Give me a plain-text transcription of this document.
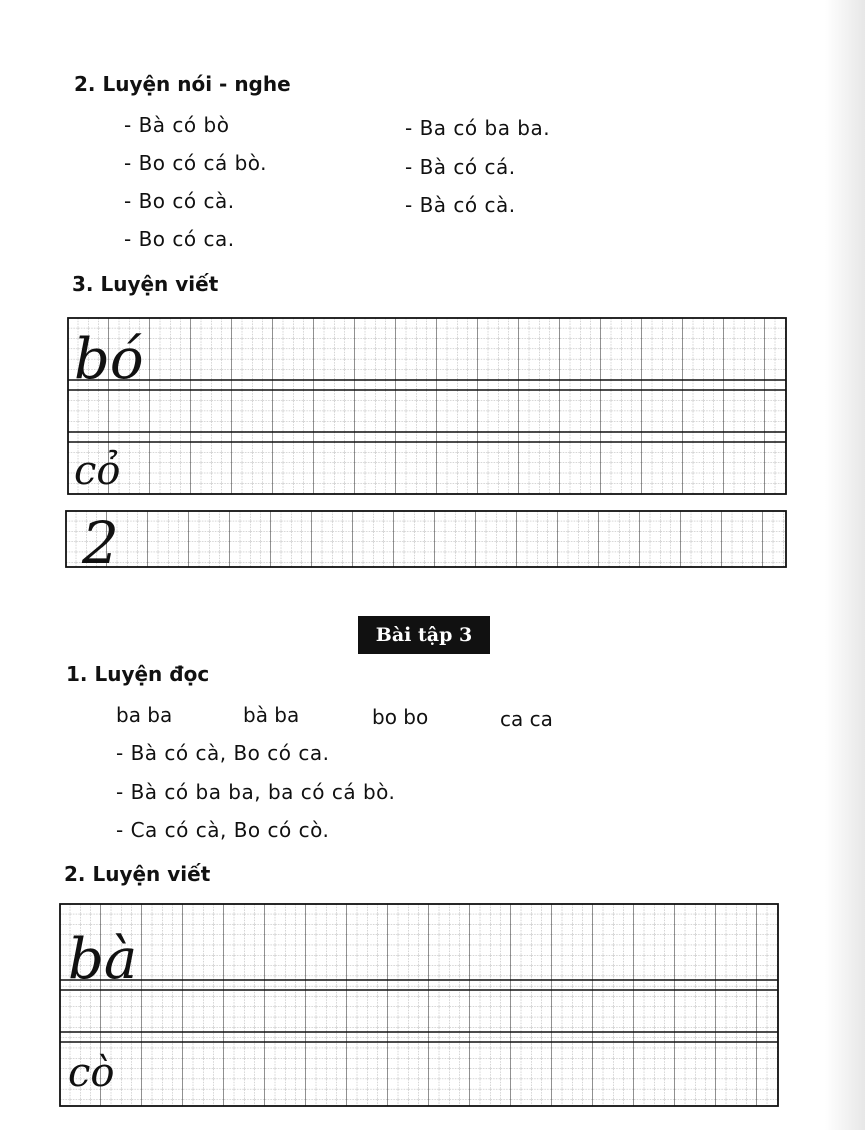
2. Luyện nói - nghe
- Bà có bò
- Bo có cá bò.
- Bo có cà.
- Bo có ca.
- Ba có ba ba.
- Bà có cá.
- Bà có cà.
3. Luyện viết
bó
cỏ
2
Bài tập 3
1. Luyện đọc
ba ba	bà ba	bo bo	ca ca
- Bà có cà, Bo có ca.
- Bà có ba ba, ba có cá bò.
- Ca có cà, Bo có cò.
2. Luyện viết
bà
cò
